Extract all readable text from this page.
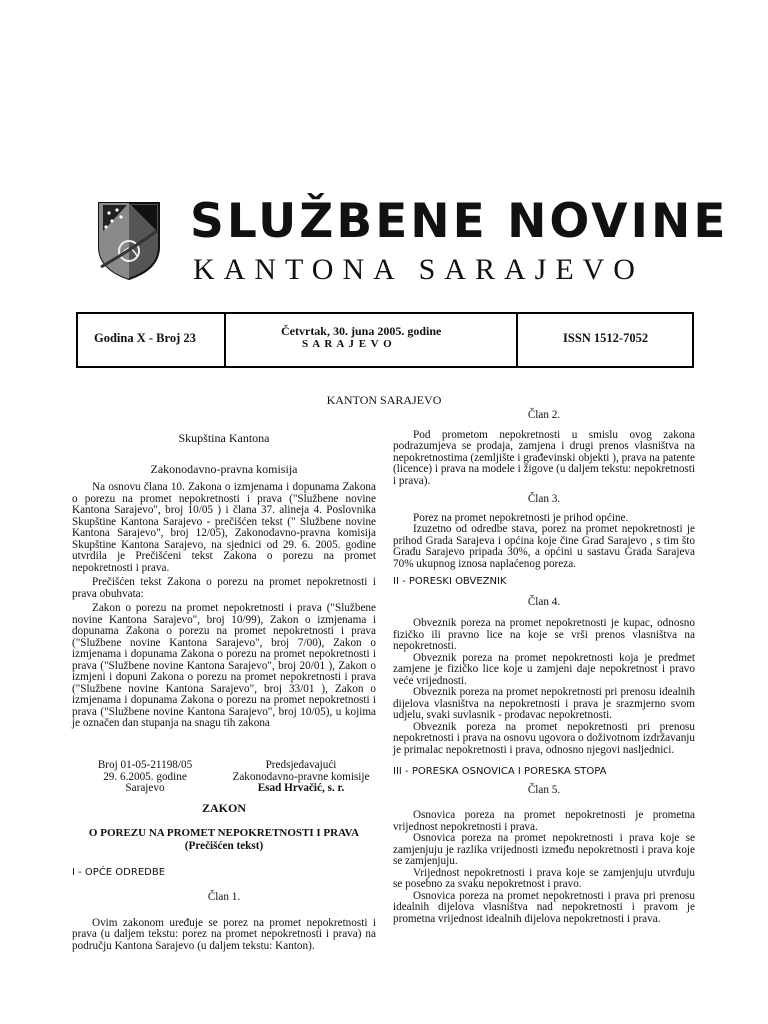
SLUŽBENE NOVINE
KANTONA SARAJEVO
Godina X - Broj 23	Četvrtak, 30. juna 2005. godine
S A R A J E V O	ISSN 1512-7052
KANTON SARAJEVO

Skupština Kantona

Zakonodavno-pravna komisija

Na osnovu člana 10. Zakona o izmjenama i dopunama Zakona o porezu na promet nepokretnosti i prava ("Službene novine Kantona Sarajevo", broj 10/05 ) i člana 37. alineja 4. Poslovnika Skupštine Kantona Sarajevo - prečišćen tekst (" Službene novine Kantona Sarajevo", broj 12/05), Zakonodavno-pravna komisija Skupštine Kantona Sarajevo, na sjednici od 29. 6. 2005. godine utvrdila je Prečišćeni tekst Zakona o porezu na promet nepokretnosti i prava.

Prečišćen tekst Zakona o porezu na promet nepokretnosti i prava obuhvata:

Zakon o porezu na promet nepokretnosti i prava ("Službene novine Kantona Sarajevo", broj 10/99), Zakon o izmjenama i dopunama Zakona o porezu na promet nepokretnosti i prava ("Službene novine Kantona Sarajevo", broj 7/00), Zakon o izmjenama i dopunama Zakona o porezu na promet nepokretnosti i prava ("Službene novine Kantona Sarajevo", broj 20/01 ), Zakon o izmjeni i dopuni Zakona o porezu na promet nepokretnosti i prava ("Službene novine Kantona Sarajevo", broj 33/01 ), Zakon o izmjenama i dopunama Zakona o porezu na promet nepokretnosti i prava ("Službene novine Kantona Sarajevo", broj 10/05), u kojima je označen dan stupanja na snagu tih zakona

Broj 01-05-21198/05
29. 6.2005. godine
Sarajevo
Predsjedavajući
Zakonodavno-pravne komisije
Esad Hrvačić, s. r.

ZAKON

O POREZU NA PROMET NEPOKRETNOSTI I PRAVA

(Prečišćen tekst)

I - OPĆE ODREDBE

Član 1.

Ovim zakonom uređuje se porez na promet nepokretnosti i prava (u daljem tekstu: porez na promet nepokretnosti i prava) na području Kantona Sarajevo (u daljem tekstu: Kanton).

Član 2.

Pod prometom nepokretnosti u smislu ovog zakona podrazumjeva se prodaja, zamjena i drugi prenos vlasništva na nepokretnostima (zemljište i građevinski objekti ), prava na patente (licence) i prava na modele i žigove (u daljem tekstu: nepokretnosti i prava).

Član 3.

Porez na promet nepokretnosti je prihod općine.

Izuzetno od odredbe stava, porez na promet nepokretnosti je prihod Grada Sarajeva i općina koje čine Grad Sarajevo , s tim što Gradu Sarajevo pripada 30%, a općini u sastavu Grada Sarajeva 70% ukupnog iznosa naplaćenog poreza.

II - PORESKI OBVEZNIK

Član 4.

Obveznik poreza na promet nepokretnosti je kupac, odnosno fizičko ili pravno lice na koje se vrši prenos vlasništva na nepokretnosti.

Obveznik poreza na promet nepokretnosti koja je predmet zamjene je fizičko lice koje u zamjeni daje nepokretnost i pravo veće vrijednosti.

Obveznik poreza na promet nepokretnosti pri prenosu idealnih dijelova vlasništva na nepokretnosti i prava je srazmjerno svom udjelu, svaki suvlasnik - prodavac nepokretnosti.

Obveznik poreza na promet nepokretnosti pri prenosu nepokretnosti i prava na osnovu ugovora o doživotnom izdržavanju je primalac nepokretnosti i prava, odnosno njegovi nasljednici.

III - PORESKA OSNOVICA I PORESKA STOPA

Član 5.

Osnovica poreza na promet nepokretnosti je prometna vrijednost nepokretnosti i prava.

Osnovica poreza na promet nepokretnosti i prava koje se zamjenjuju je razlika vrijednosti između nepokretnosti i prava koje se zamjenjuju.

Vrijednost nepokretnosti i prava koje se zamjenjuju utvrđuju se posebno za svaku nepokretnost i pravo.

Osnovica poreza na promet nepokretnosti i prava pri prenosu idealnih dijelova vlasništva nad nepokretnosti i pravom je prometna vrijednost idealnih dijelova nepokretnosti i prava.
